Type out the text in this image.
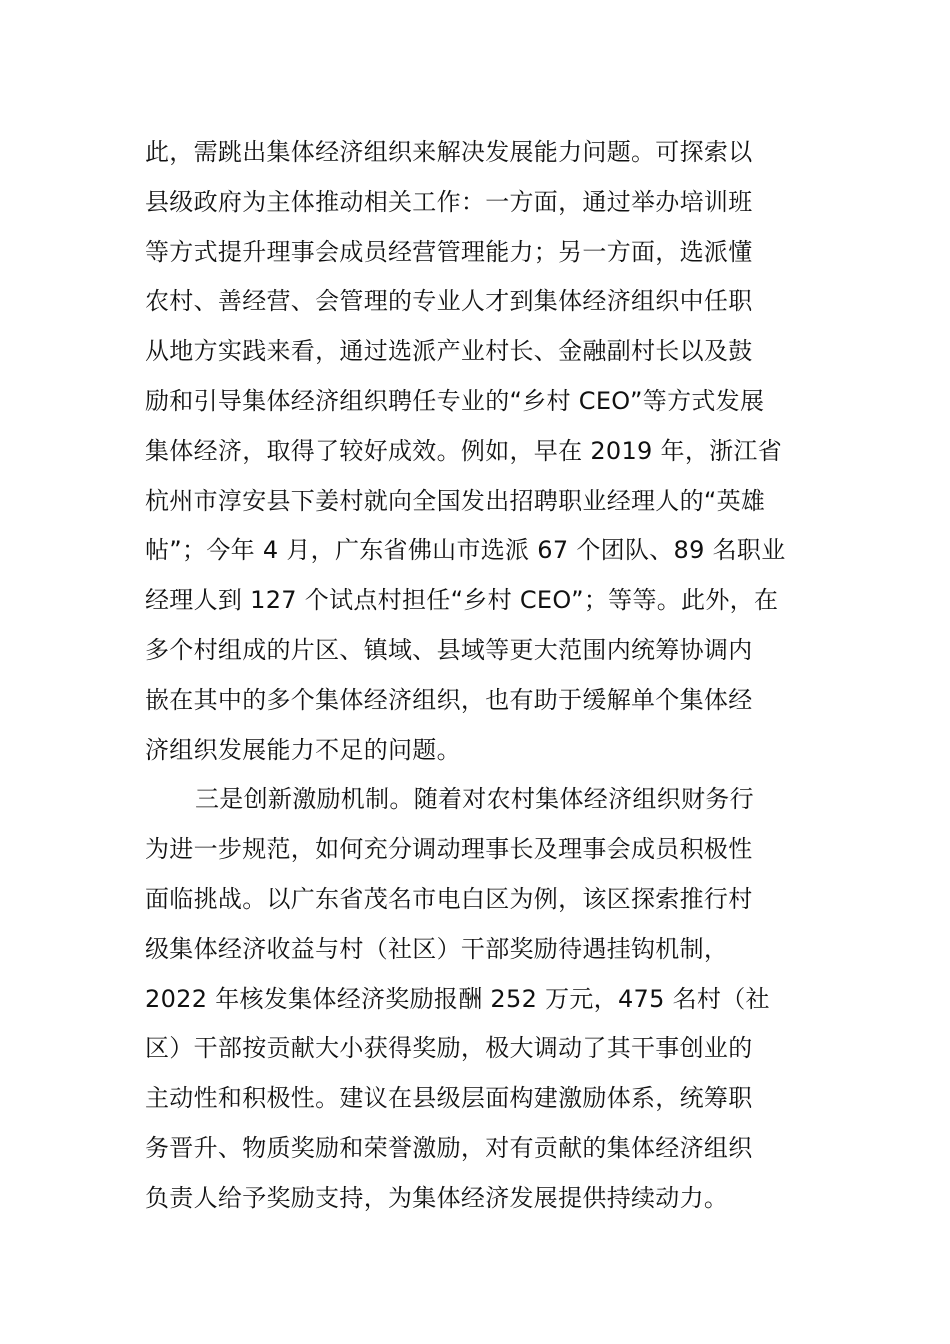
此，需跳出集体经济组织来解决发展能力问题。可探索以
县级政府为主体推动相关工作：一方面，通过举办培训班
等方式提升理事会成员经营管理能力；另一方面，选派懂
农村、善经营、会管理的专业人才到集体经济组织中任职
从地方实践来看，通过选派产业村长、金融副村长以及鼓
励和引导集体经济组织聘任专业的“乡村 CEO”等方式发展
集体经济，取得了较好成效。例如，早在 2019 年，浙江省
杭州市淳安县下姜村就向全国发出招聘职业经理人的“英雄
帖”；今年 4 月，广东省佛山市选派 67 个团队、89 名职业
经理人到 127 个试点村担任“乡村 CEO”；等等。此外，在
多个村组成的片区、镇域、县域等更大范围内统筹协调内
嵌在其中的多个集体经济组织，也有助于缓解单个集体经
济组织发展能力不足的问题。
三是创新激励机制。随着对农村集体经济组织财务行
为进一步规范，如何充分调动理事长及理事会成员积极性
面临挑战。以广东省茂名市电白区为例，该区探索推行村
级集体经济收益与村（社区）干部奖励待遇挂钩机制，
2022 年核发集体经济奖励报酬 252 万元，475 名村（社
区）干部按贡献大小获得奖励，极大调动了其干事创业的
主动性和积极性。建议在县级层面构建激励体系，统筹职
务晋升、物质奖励和荣誉激励，对有贡献的集体经济组织
负责人给予奖励支持，为集体经济发展提供持续动力。
